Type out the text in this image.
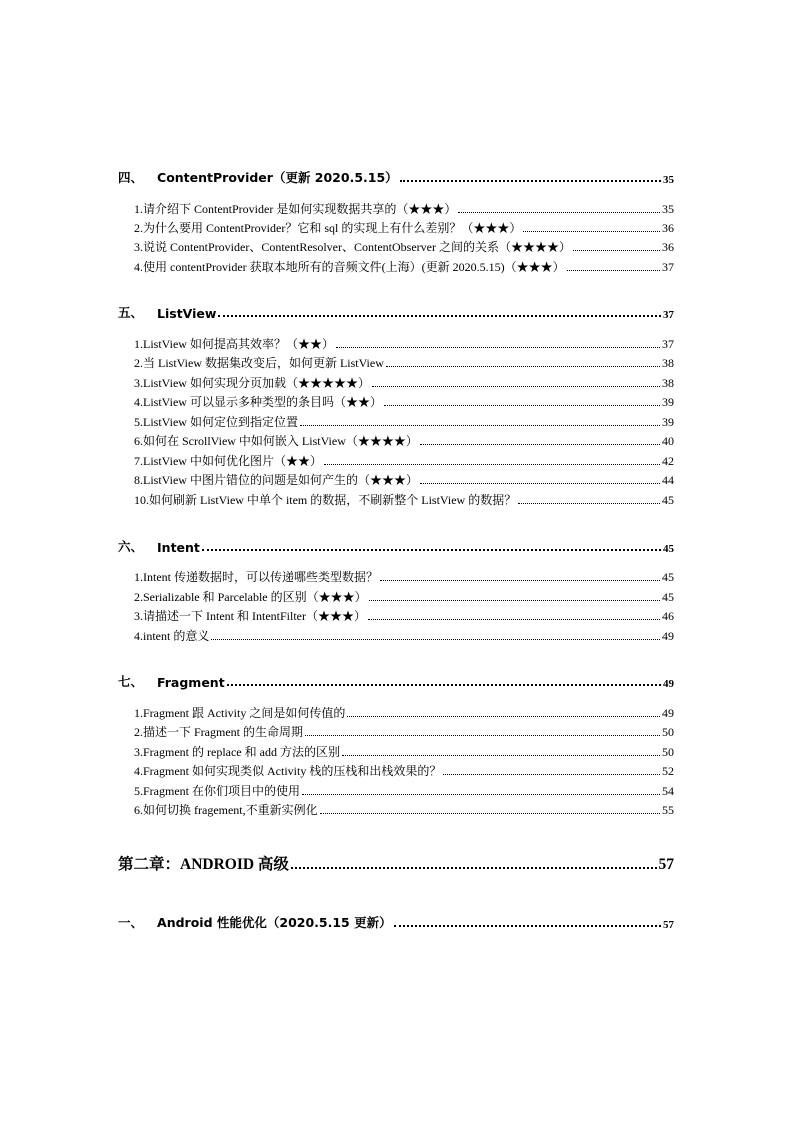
四、 ContentProvider（更新 2020.5.15）	35
1.请介绍下 ContentProvider 是如何实现数据共享的（★★★）	35
2.为什么要用 ContentProvider？它和 sql 的实现上有什么差别？（★★★）	36
3.说说 ContentProvider、ContentResolver、ContentObserver 之间的关系（★★★★）	36
4.使用 contentProvider 获取本地所有的音频文件(上海）(更新 2020.5.15)（★★★）	37
五、 ListView	37
1.ListView 如何提高其效率？（★★）	37
2.当 ListView 数据集改变后，如何更新 ListView	38
3.ListView 如何实现分页加载（★★★★★）	38
4.ListView 可以显示多种类型的条目吗（★★）	39
5.ListView 如何定位到指定位置	39
6.如何在 ScrollView 中如何嵌入 ListView（★★★★）	40
7.ListView 中如何优化图片（★★）	42
8.ListView 中图片错位的问题是如何产生的（★★★）	44
10.如何刷新 ListView 中单个 item 的数据，不刷新整个 ListView 的数据？	45
六、 Intent	45
1.Intent 传递数据时，可以传递哪些类型数据？	45
2.Serializable 和 Parcelable 的区别（★★★）	45
3.请描述一下 Intent 和 IntentFilter（★★★）	46
4.intent 的意义	49
七、 Fragment	49
1.Fragment 跟 Activity 之间是如何传值的	49
2.描述一下 Fragment 的生命周期	50
3.Fragment 的 replace 和 add 方法的区别	50
4.Fragment 如何实现类似 Activity 栈的压栈和出栈效果的？	52
5.Fragment 在你们项目中的使用	54
6.如何切换 fragement,不重新实例化	55
第二章：ANDROID 高级	57
一、 Android 性能优化（2020.5.15 更新）	57
